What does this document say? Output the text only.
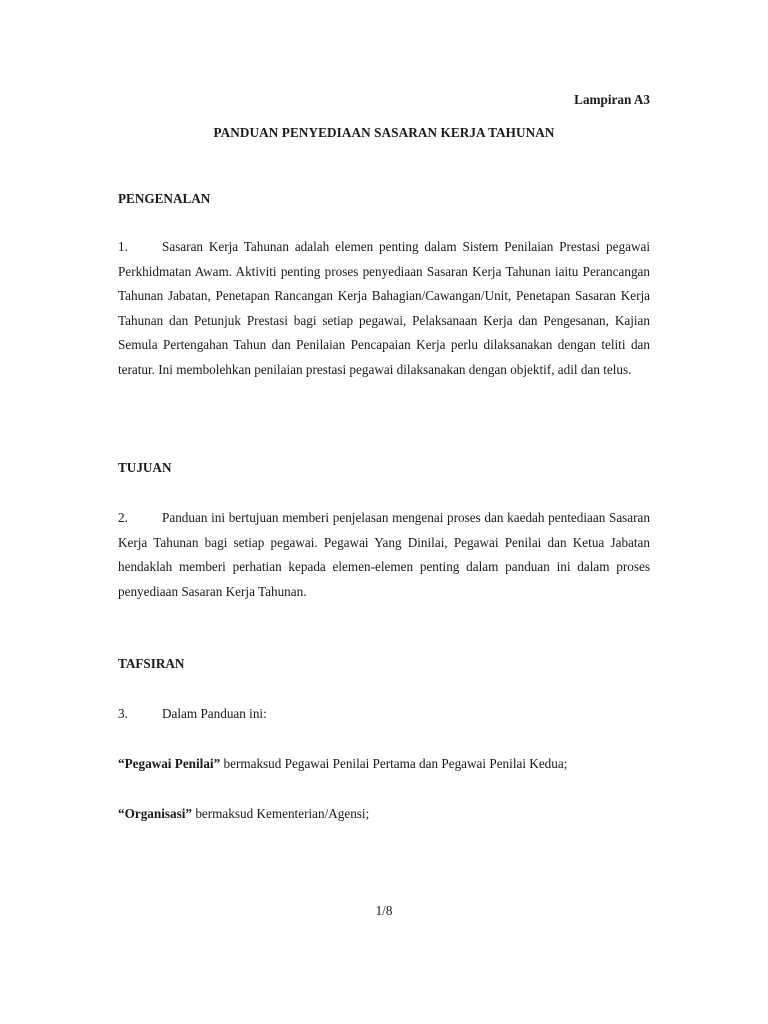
Lampiran A3
PANDUAN PENYEDIAAN SASARAN KERJA TAHUNAN
PENGENALAN

1.	Sasaran Kerja Tahunan adalah elemen penting dalam Sistem Penilaian Prestasi pegawai Perkhidmatan Awam. Aktiviti penting proses penyediaan Sasaran Kerja Tahunan iaitu Perancangan Tahunan Jabatan, Penetapan Rancangan Kerja Bahagian/Cawangan/Unit, Penetapan Sasaran Kerja Tahunan dan Petunjuk Prestasi bagi setiap pegawai, Pelaksanaan Kerja dan Pengesanan, Kajian Semula Pertengahan Tahun dan Penilaian Pencapaian Kerja perlu dilaksanakan dengan teliti dan teratur. Ini membolehkan penilaian prestasi pegawai dilaksanakan dengan objektif, adil dan telus.

TUJUAN

2.	Panduan ini bertujuan memberi penjelasan mengenai proses dan kaedah pentediaan Sasaran Kerja Tahunan bagi setiap pegawai. Pegawai Yang Dinilai, Pegawai Penilai dan Ketua Jabatan hendaklah memberi perhatian kepada elemen-elemen penting dalam panduan ini dalam proses penyediaan Sasaran Kerja Tahunan.

TAFSIRAN

3.	Dalam Panduan ini:

“Pegawai Penilai” bermaksud Pegawai Penilai Pertama dan Pegawai Penilai Kedua;

“Organisasi” bermaksud Kementerian/Agensi;

1/8
